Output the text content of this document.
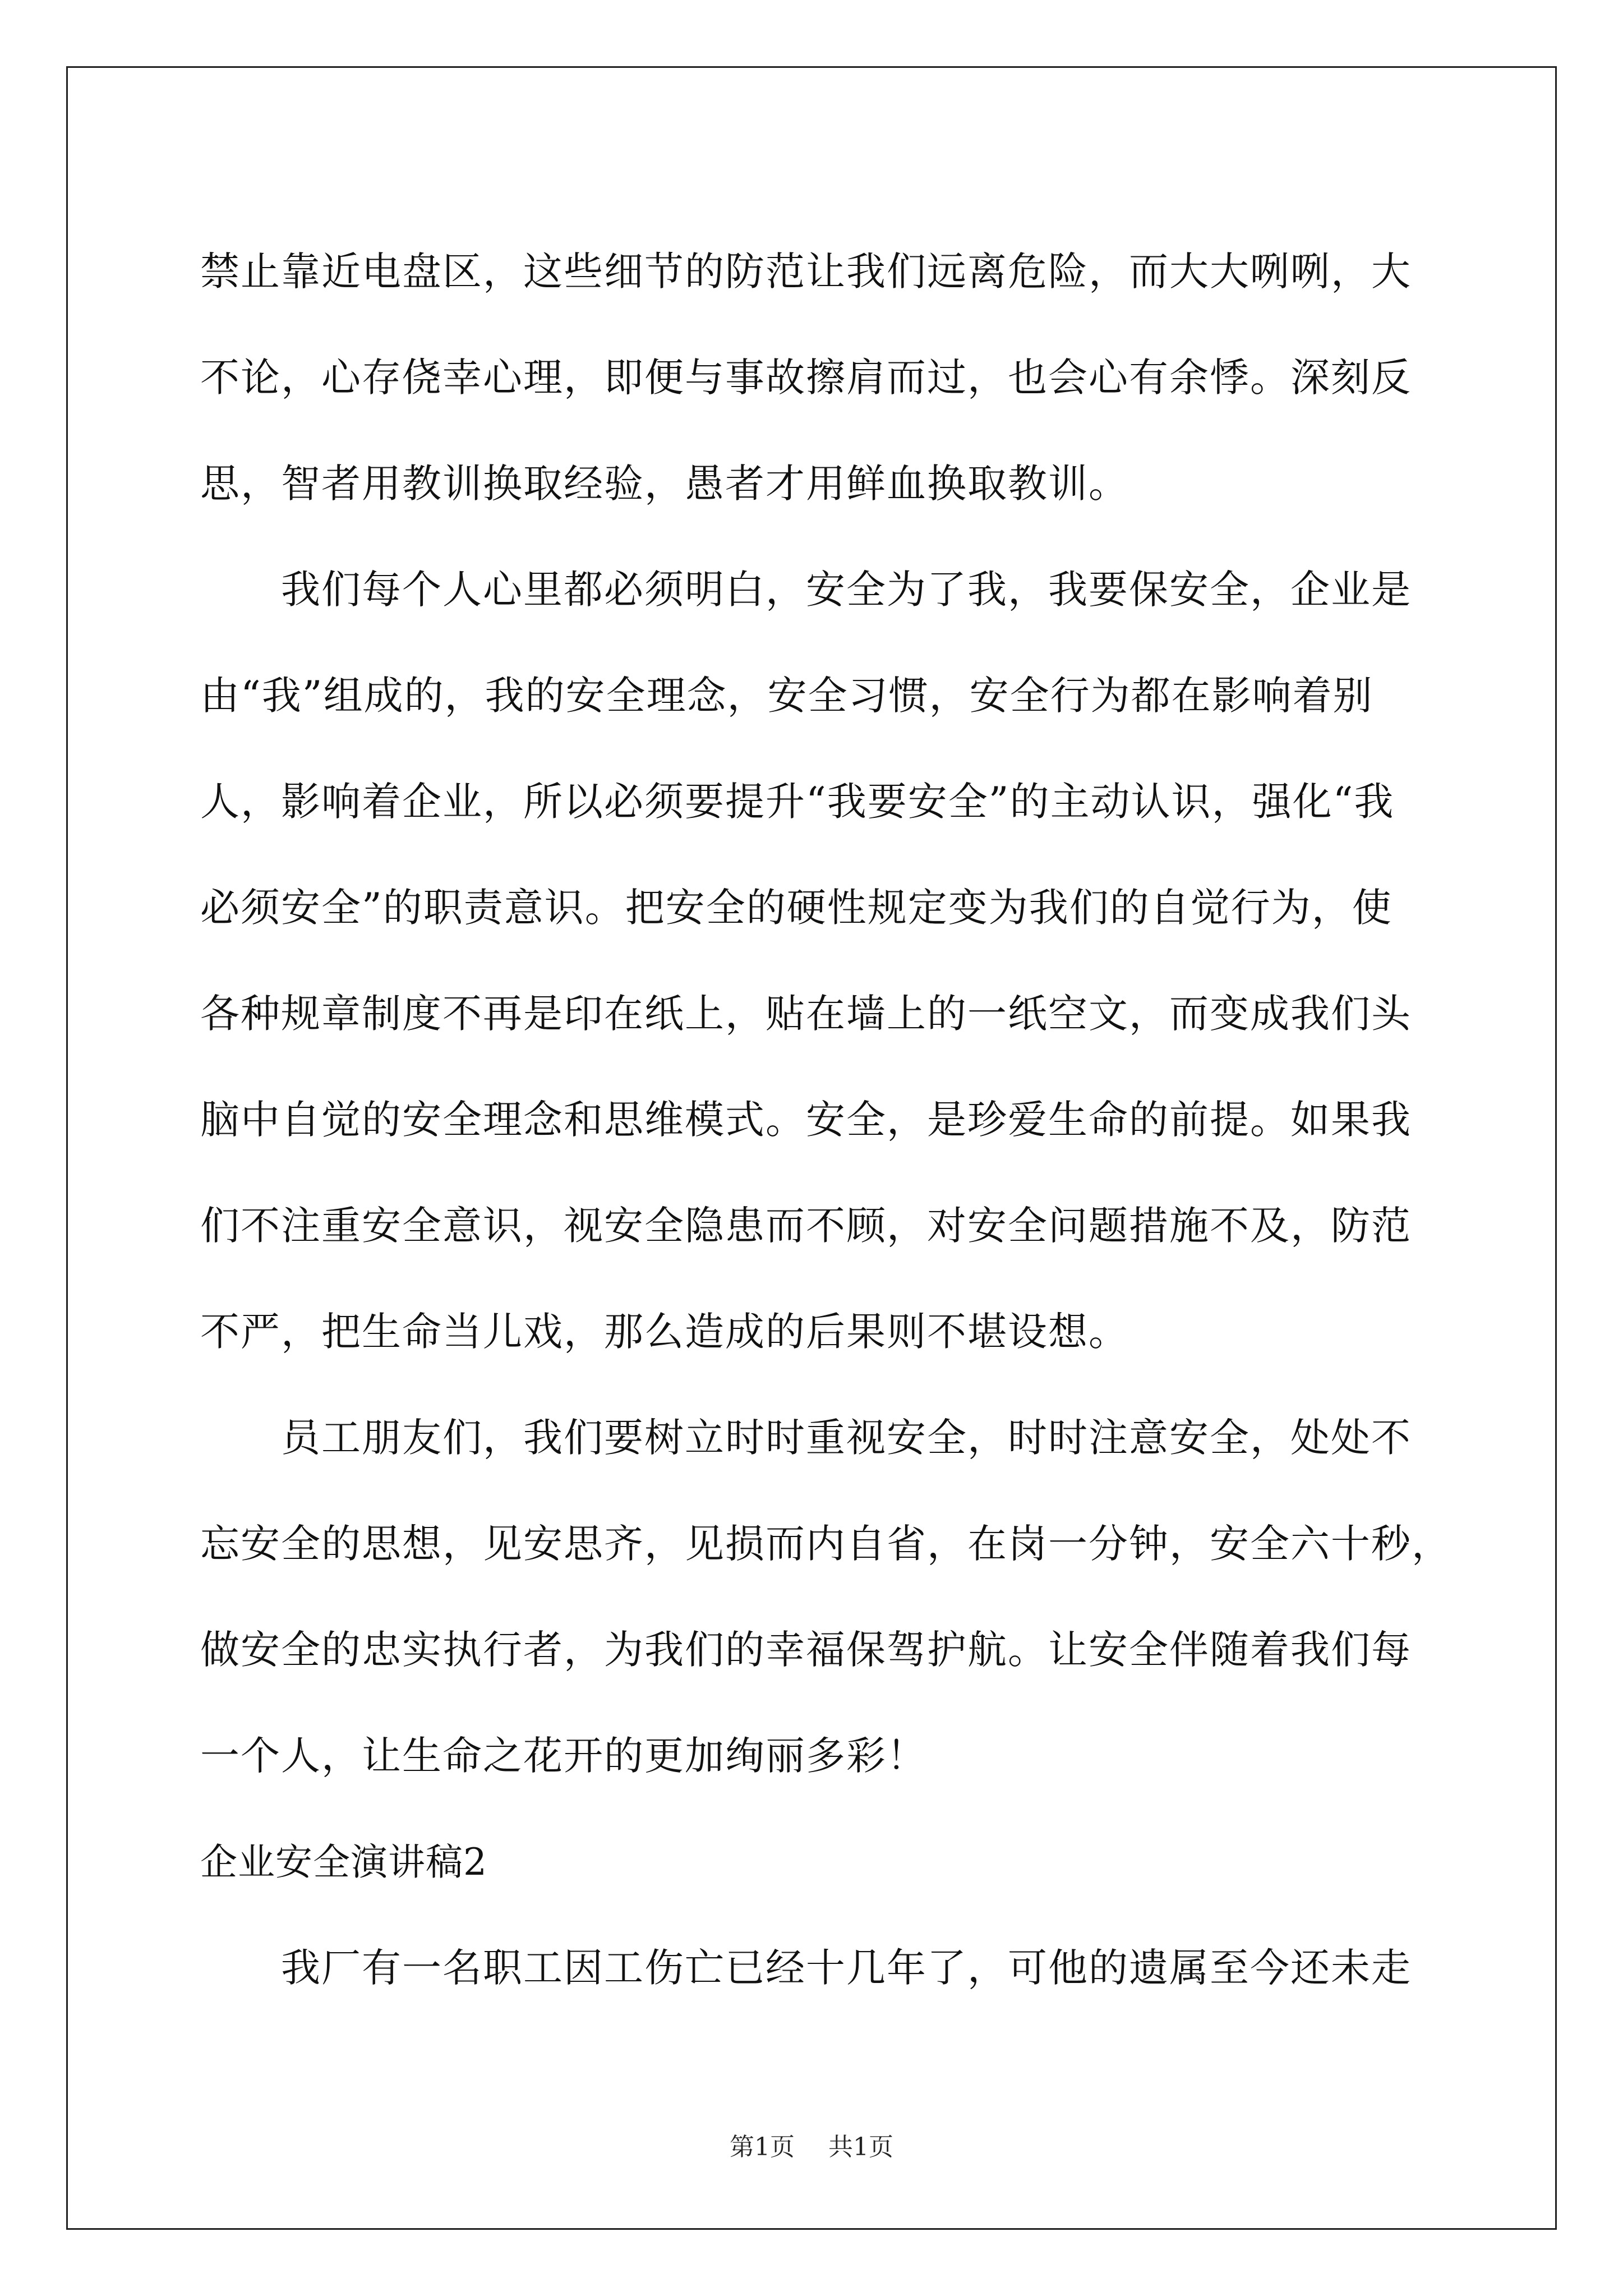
禁止靠近电盘区，这些细节的防范让我们远离危险，而大大咧咧，大
不论，心存侥幸心理，即便与事故擦肩而过，也会心有余悸。深刻反
思，智者用教训换取经验，愚者才用鲜血换取教训。

我们每个人心里都必须明白，安全为了我，我要保安全，企业是
由“我”组成的，我的安全理念，安全习惯，安全行为都在影响着别
人，影响着企业，所以必须要提升“我要安全”的主动认识，强化“我
必须安全”的职责意识。把安全的硬性规定变为我们的自觉行为，使
各种规章制度不再是印在纸上，贴在墙上的一纸空文，而变成我们头
脑中自觉的安全理念和思维模式。安全，是珍爱生命的前提。如果我
们不注重安全意识，视安全隐患而不顾，对安全问题措施不及，防范
不严，把生命当儿戏，那么造成的后果则不堪设想。

员工朋友们，我们要树立时时重视安全，时时注意安全，处处不
忘安全的思想，见安思齐，见损而内自省，在岗一分钟，安全六十秒，
做安全的忠实执行者，为我们的幸福保驾护航。让安全伴随着我们每
一个人，让生命之花开的更加绚丽多彩！

企业安全演讲稿2

我厂有一名职工因工伤亡已经十几年了，可他的遗属至今还未走

第1页 共1页
